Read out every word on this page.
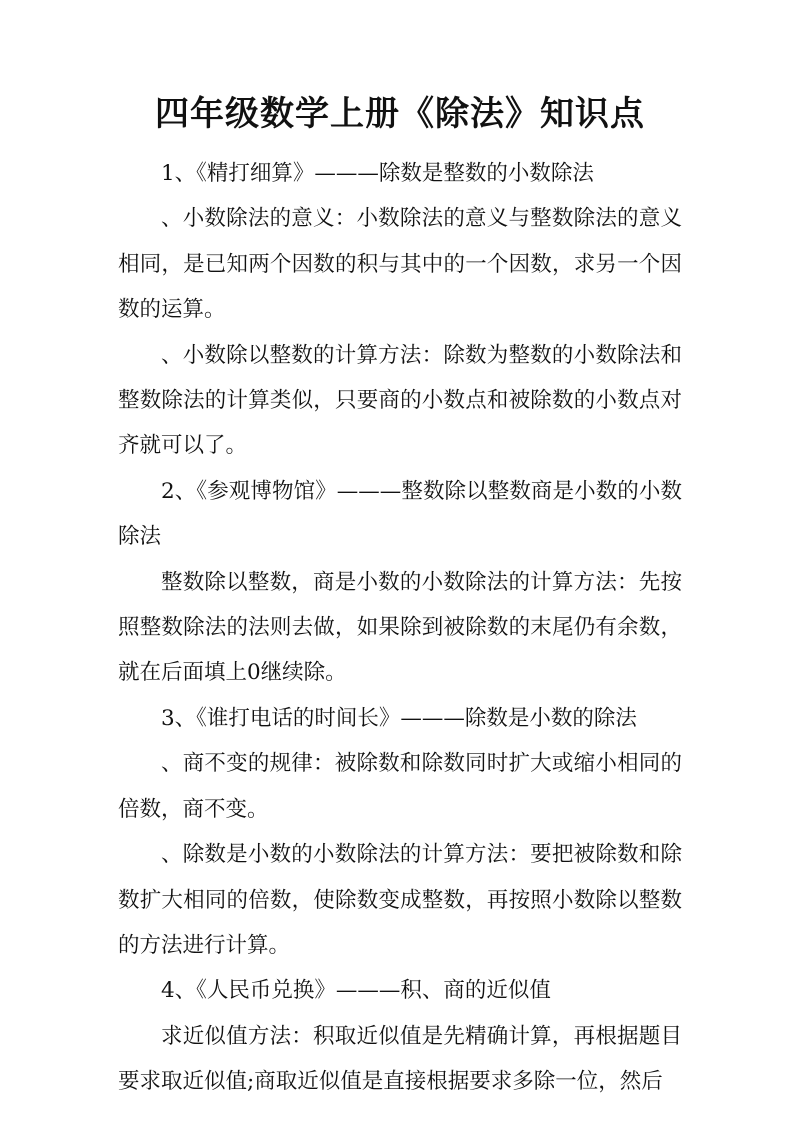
四年级数学上册《除法》知识点

1、《精打细算》———除数是整数的小数除法

、小数除法的意义：小数除法的意义与整数除法的意义相同，是已知两个因数的积与其中的一个因数，求另一个因数的运算。

、小数除以整数的计算方法：除数为整数的小数除法和整数除法的计算类似，只要商的小数点和被除数的小数点对齐就可以了。

2、《参观博物馆》———整数除以整数商是小数的小数除法

整数除以整数，商是小数的小数除法的计算方法：先按照整数除法的法则去做，如果除到被除数的末尾仍有余数，就在后面填上0继续除。

3、《谁打电话的时间长》———除数是小数的除法

、商不变的规律：被除数和除数同时扩大或缩小相同的倍数，商不变。

、除数是小数的小数除法的计算方法：要把被除数和除数扩大相同的倍数，使除数变成整数，再按照小数除以整数的方法进行计算。

4、《人民币兑换》———积、商的近似值

求近似值方法：积取近似值是先精确计算，再根据题目要求取近似值;商取近似值是直接根据要求多除一位，然后
